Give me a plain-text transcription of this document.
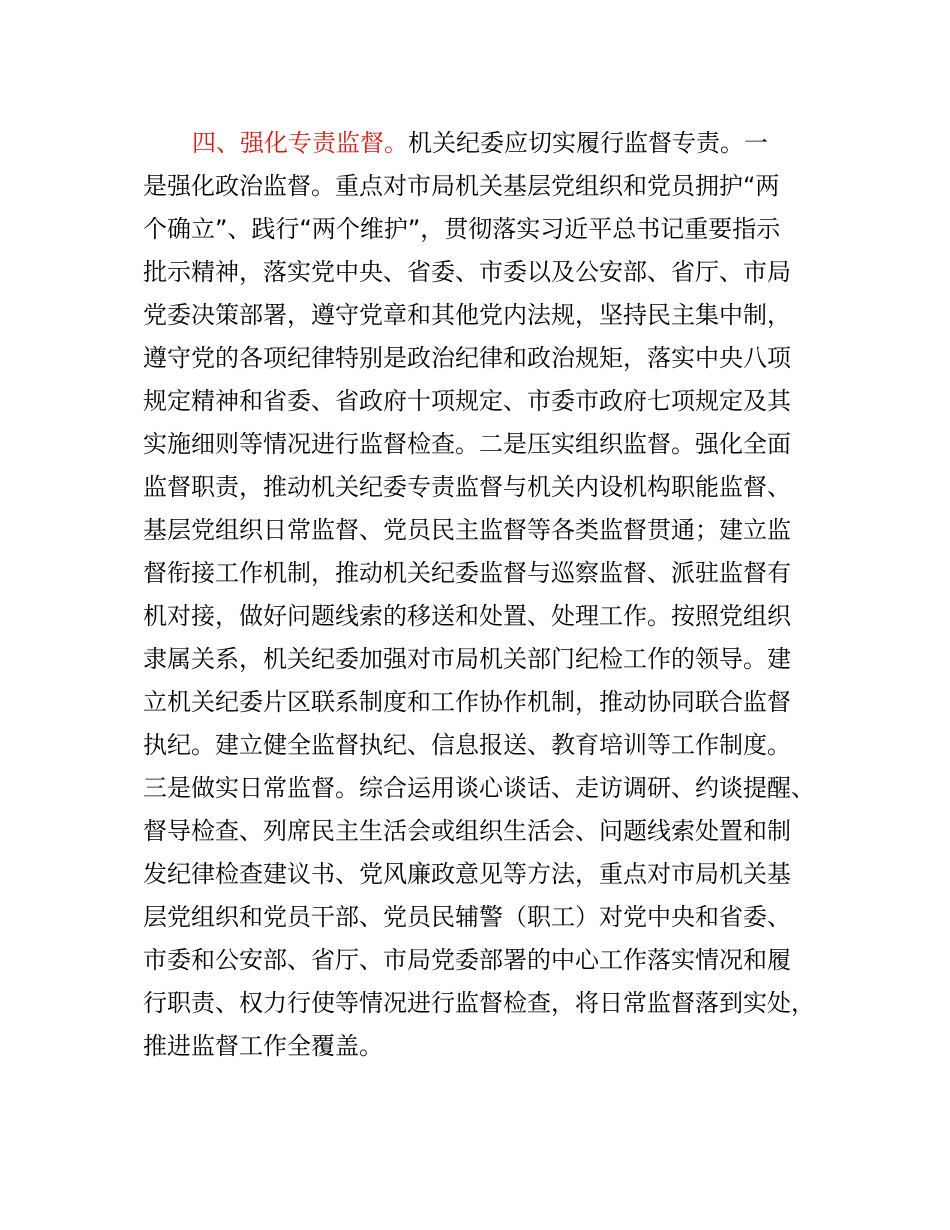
四、强化专责监督。机关纪委应切实履行监督专责。一
是强化政治监督。重点对市局机关基层党组织和党员拥护“两
个确立”、践行“两个维护”，贯彻落实习近平总书记重要指示
批示精神，落实党中央、省委、市委以及公安部、省厅、市局
党委决策部署，遵守党章和其他党内法规，坚持民主集中制，
遵守党的各项纪律特别是政治纪律和政治规矩，落实中央八项
规定精神和省委、省政府十项规定、市委市政府七项规定及其
实施细则等情况进行监督检查。二是压实组织监督。强化全面
监督职责，推动机关纪委专责监督与机关内设机构职能监督、
基层党组织日常监督、党员民主监督等各类监督贯通；建立监
督衔接工作机制，推动机关纪委监督与巡察监督、派驻监督有
机对接，做好问题线索的移送和处置、处理工作。按照党组织
隶属关系，机关纪委加强对市局机关部门纪检工作的领导。建
立机关纪委片区联系制度和工作协作机制，推动协同联合监督
执纪。建立健全监督执纪、信息报送、教育培训等工作制度。
三是做实日常监督。综合运用谈心谈话、走访调研、约谈提醒、
督导检查、列席民主生活会或组织生活会、问题线索处置和制
发纪律检查建议书、党风廉政意见等方法，重点对市局机关基
层党组织和党员干部、党员民辅警（职工）对党中央和省委、
市委和公安部、省厅、市局党委部署的中心工作落实情况和履
行职责、权力行使等情况进行监督检查，将日常监督落到实处，
推进监督工作全覆盖。
